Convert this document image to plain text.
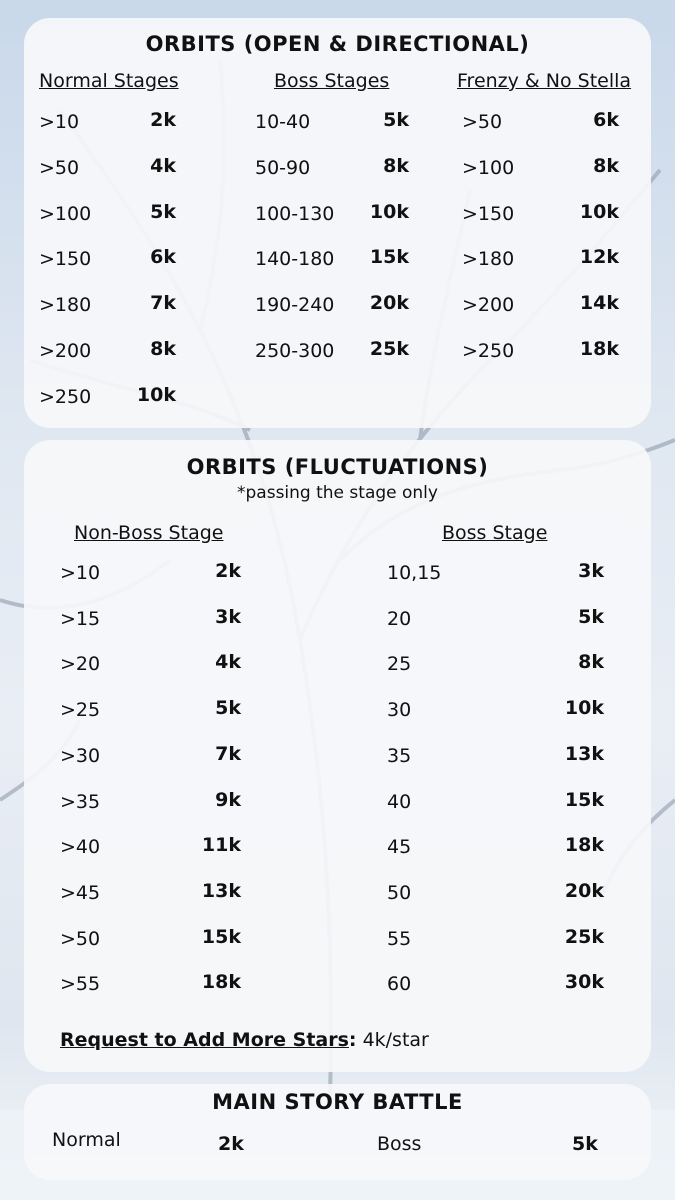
ORBITS (OPEN & DIRECTIONAL)
Normal Stages
>10	2k
>50	4k
>100	5k
>150	6k
>180	7k
>200	8k
>250 10k
Boss Stages
10-40	5k
50-90	8k
100-130 10k
140-180 15k
190-240 20k
250-300 25k
Frenzy & No Stella
>50	6k
>100	8k
>150	10k
>180	12k
>200	14k
>250	18k
ORBITS (FLUCTUATIONS)
*passing the stage only
Non-Boss Stage
>10	2k
>15	3k
>20	4k
>25	5k
>30	7k
>35	9k
>40	11k
>45	13k
>50	15k
>55	18k
Boss Stage
10,15	3k
20	5k
25	8k
30	10k
35	13k
40	15k
45	18k
50	20k
55	25k
60	30k
Request to Add More Stars: 4k/star
MAIN STORY BATTLE
Normal	2k	Boss	5k
